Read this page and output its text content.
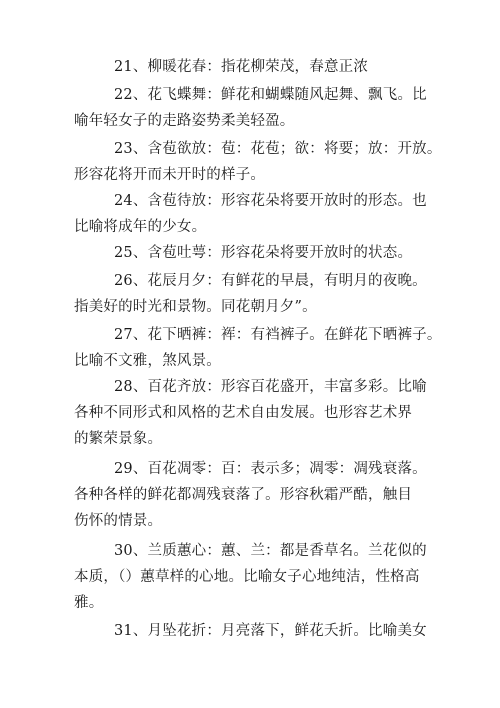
21、柳暖花春：指花柳荣茂，春意正浓
22、花飞蝶舞：鲜花和蝴蝶随风起舞、飘飞。比
喻年轻女子的走路姿势柔美轻盈。
23、含苞欲放：苞：花苞；欲：将要；放：开放。
形容花将开而未开时的样子。
24、含苞待放：形容花朵将要开放时的形态。也
比喻将成年的少女。
25、含苞吐萼：形容花朵将要开放时的状态。
26、花辰月夕：有鲜花的早晨，有明月的夜晚。
指美好的时光和景物。同花朝月夕”。
27、花下晒裤：裈：有裆裤子。在鲜花下晒裤子。
比喻不文雅，煞风景。
28、百花齐放：形容百花盛开，丰富多彩。比喻
各种不同形式和风格的艺术自由发展。也形容艺术界
的繁荣景象。
29、百花凋零：百：表示多；凋零：凋残衰落。
各种各样的鲜花都凋残衰落了。形容秋霜严酷，触目
伤怀的情景。
30、兰质蕙心：蕙、兰：都是香草名。兰花似的
本质，（）蕙草样的心地。比喻女子心地纯洁，性格高
雅。
31、月坠花折：月亮落下，鲜花夭折。比喻美女
